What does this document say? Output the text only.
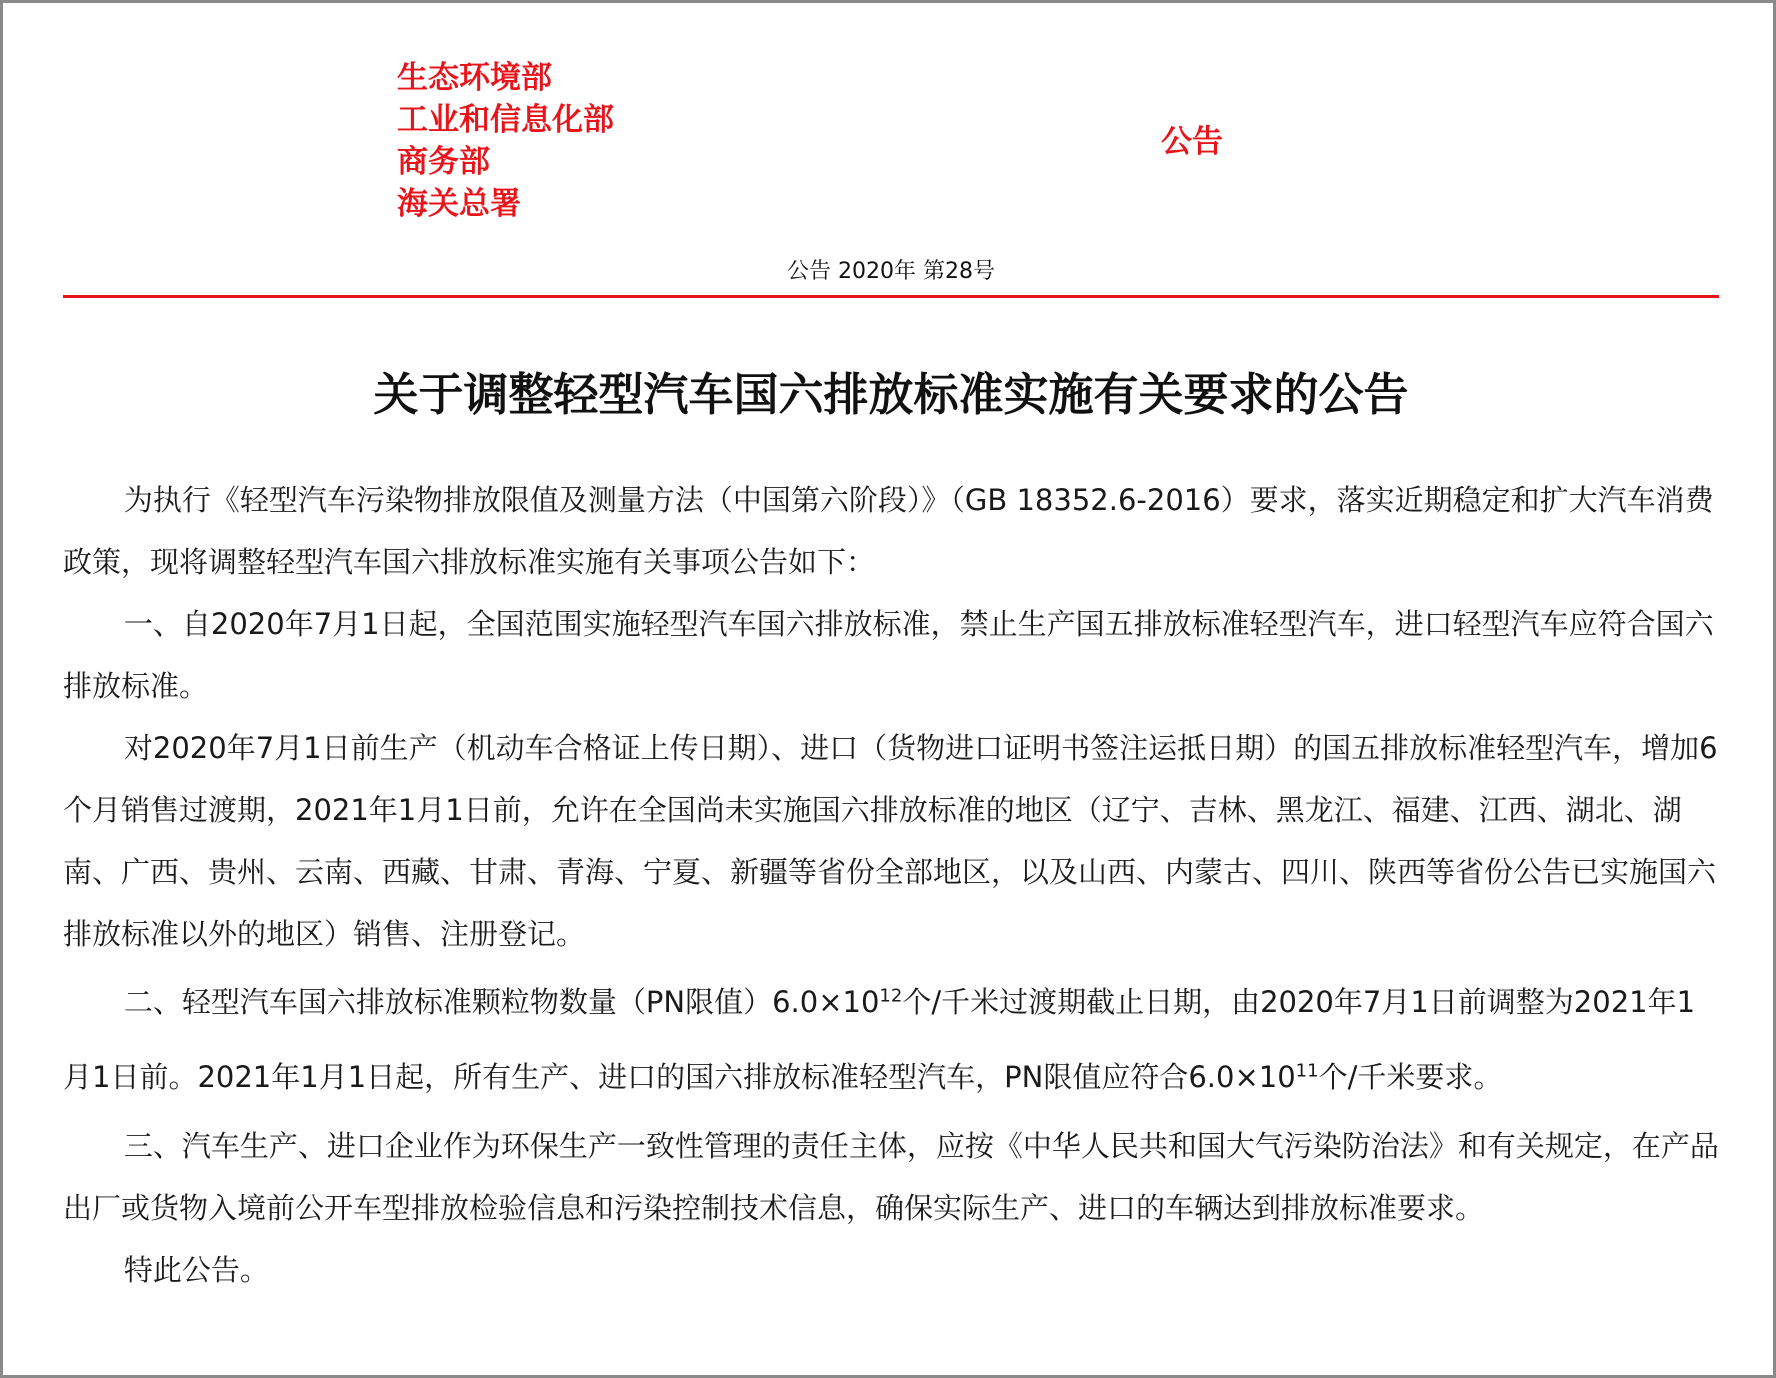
生态环境部
工业和信息化部
商务部
海关总署
公告
公告 2020年 第28号
关于调整轻型汽车国六排放标准实施有关要求的公告

为执行《轻型汽车污染物排放限值及测量方法（中国第六阶段）》（GB 18352.6-2016）要求，落实近期稳定和扩大汽车消费政策，现将调整轻型汽车国六排放标准实施有关事项公告如下：

一、自2020年7月1日起，全国范围实施轻型汽车国六排放标准，禁止生产国五排放标准轻型汽车，进口轻型汽车应符合国六排放标准。

对2020年7月1日前生产（机动车合格证上传日期）、进口（货物进口证明书签注运抵日期）的国五排放标准轻型汽车，增加6个月销售过渡期，2021年1月1日前，允许在全国尚未实施国六排放标准的地区（辽宁、吉林、黑龙江、福建、江西、湖北、湖南、广西、贵州、云南、西藏、甘肃、青海、宁夏、新疆等省份全部地区，以及山西、内蒙古、四川、陕西等省份公告已实施国六排放标准以外的地区）销售、注册登记。

二、轻型汽车国六排放标准颗粒物数量（PN限值）$6.0\times 10^{12}$个/千米过渡期截止日期，由2020年7月1日前调整为2021年1月1日前。2021年1月1日起，所有生产、进口的国六排放标准轻型汽车，PN限值应符合$6.0\times 10^{11}$个/千米要求。

三、汽车生产、进口企业作为环保生产一致性管理的责任主体，应按《中华人民共和国大气污染防治法》和有关规定，在产品出厂或货物入境前公开车型排放检验信息和污染控制技术信息，确保实际生产、进口的车辆达到排放标准要求。

特此公告。
